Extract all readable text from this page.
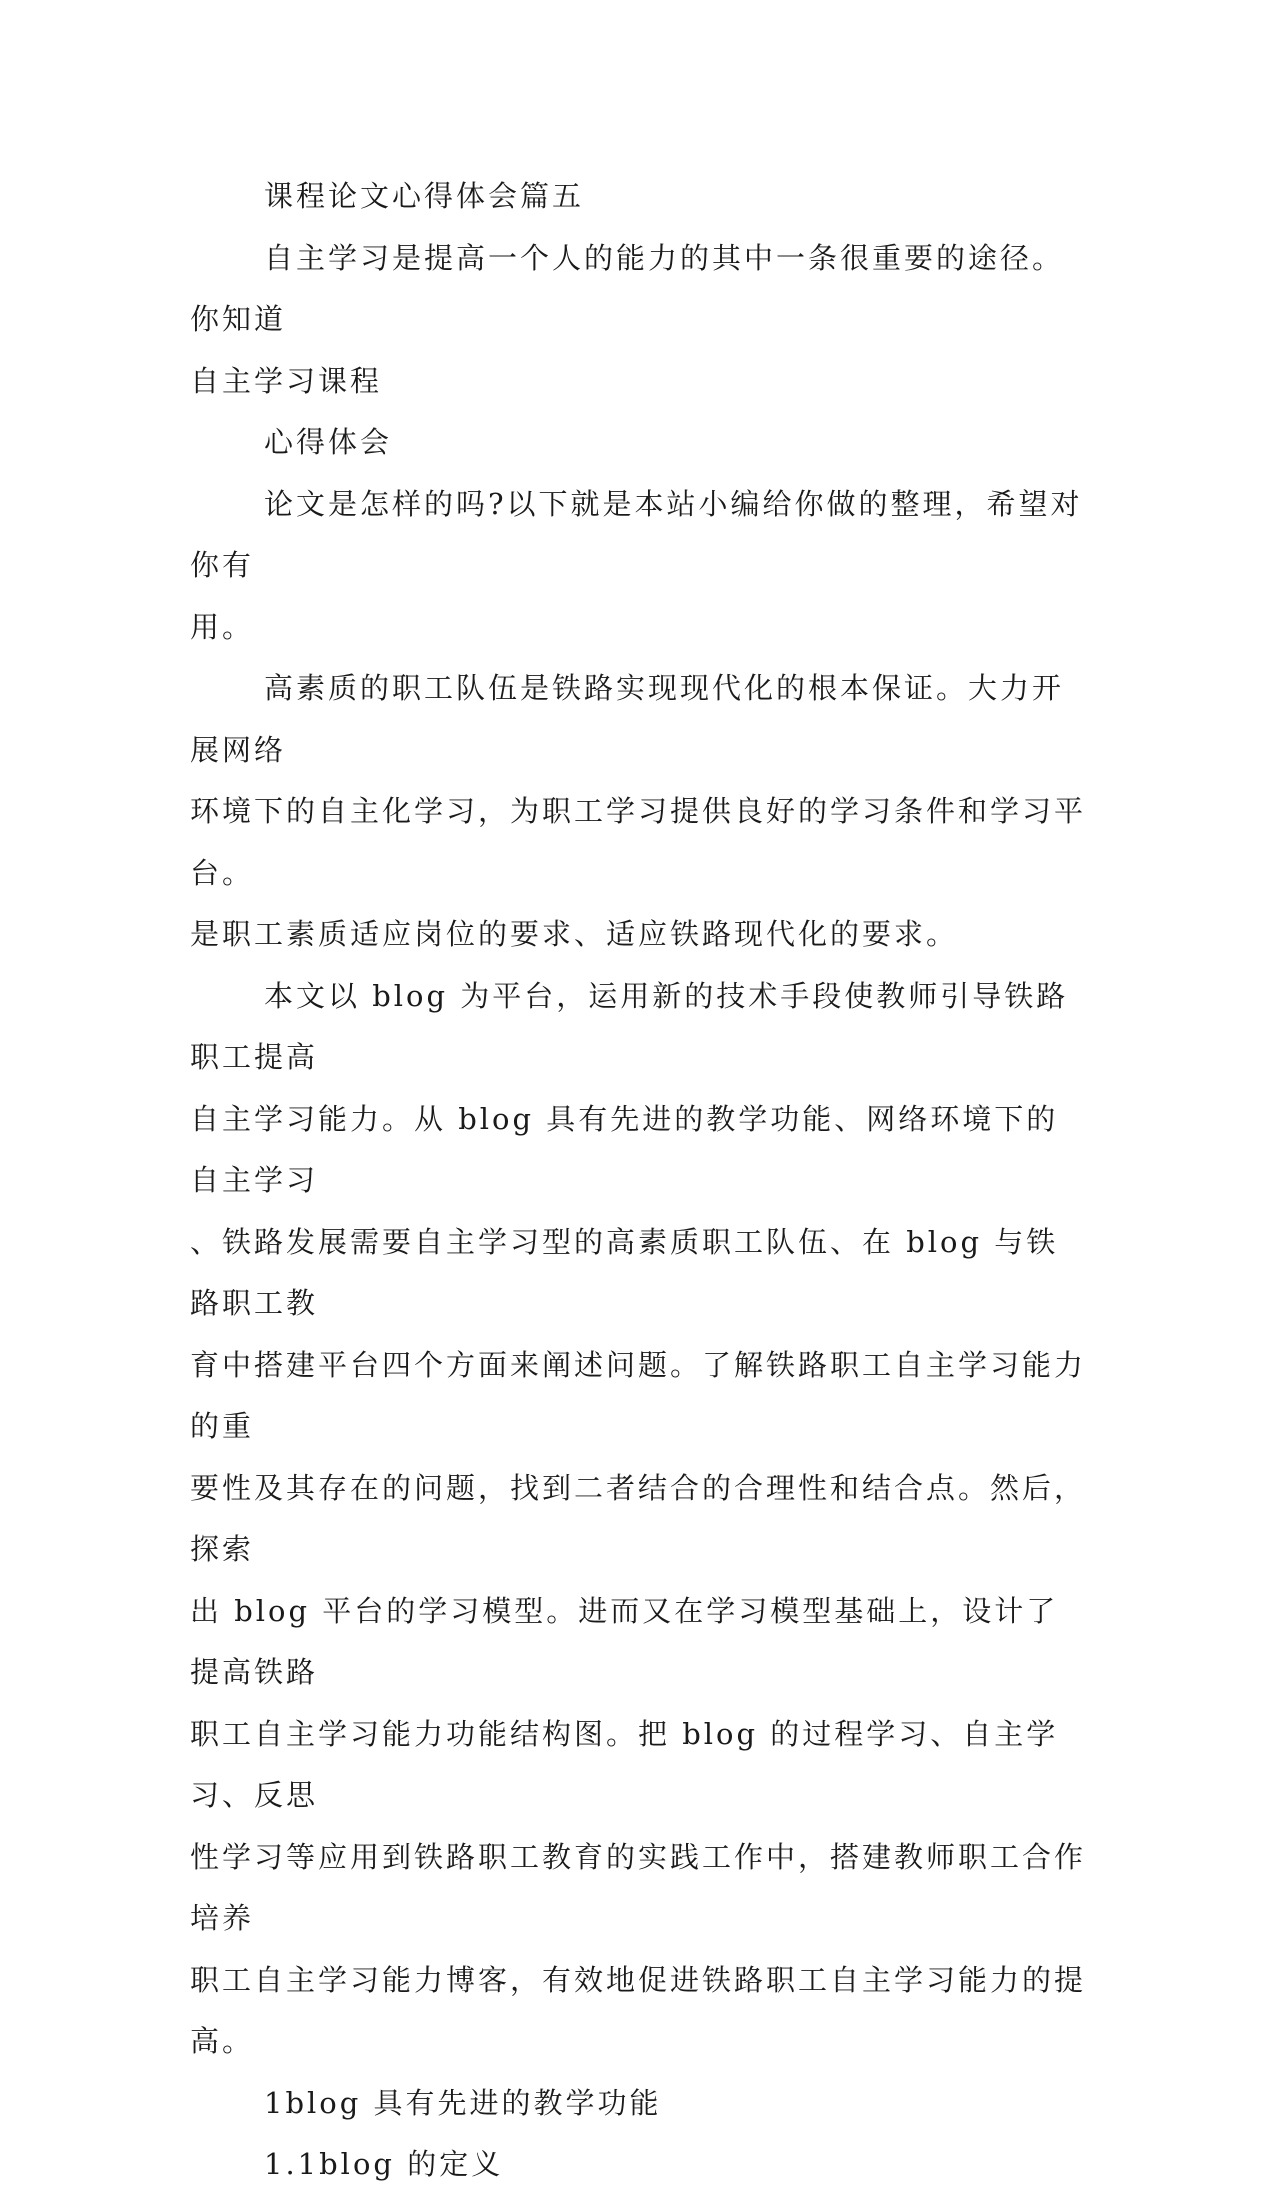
课程论文心得体会篇五

自主学习是提高一个人的能力的其中一条很重要的途径。你知道
自主学习课程

心得体会

论文是怎样的吗?以下就是本站小编给你做的整理，希望对你有
用。

高素质的职工队伍是铁路实现现代化的根本保证。大力开展网络
环境下的自主化学习，为职工学习提供良好的学习条件和学习平台。
是职工素质适应岗位的要求、适应铁路现代化的要求。

本文以 blog 为平台，运用新的技术手段使教师引导铁路职工提高
自主学习能力。从 blog 具有先进的教学功能、网络环境下的自主学习
、铁路发展需要自主学习型的高素质职工队伍、在 blog 与铁路职工教
育中搭建平台四个方面来阐述问题。了解铁路职工自主学习能力的重
要性及其存在的问题，找到二者结合的合理性和结合点。然后，探索
出 blog 平台的学习模型。进而又在学习模型基础上，设计了提高铁路
职工自主学习能力功能结构图。把 blog 的过程学习、自主学习、反思
性学习等应用到铁路职工教育的实践工作中，搭建教师职工合作培养
职工自主学习能力博客，有效地促进铁路职工自主学习能力的提高。

1blog 具有先进的教学功能

1.1blog 的定义
